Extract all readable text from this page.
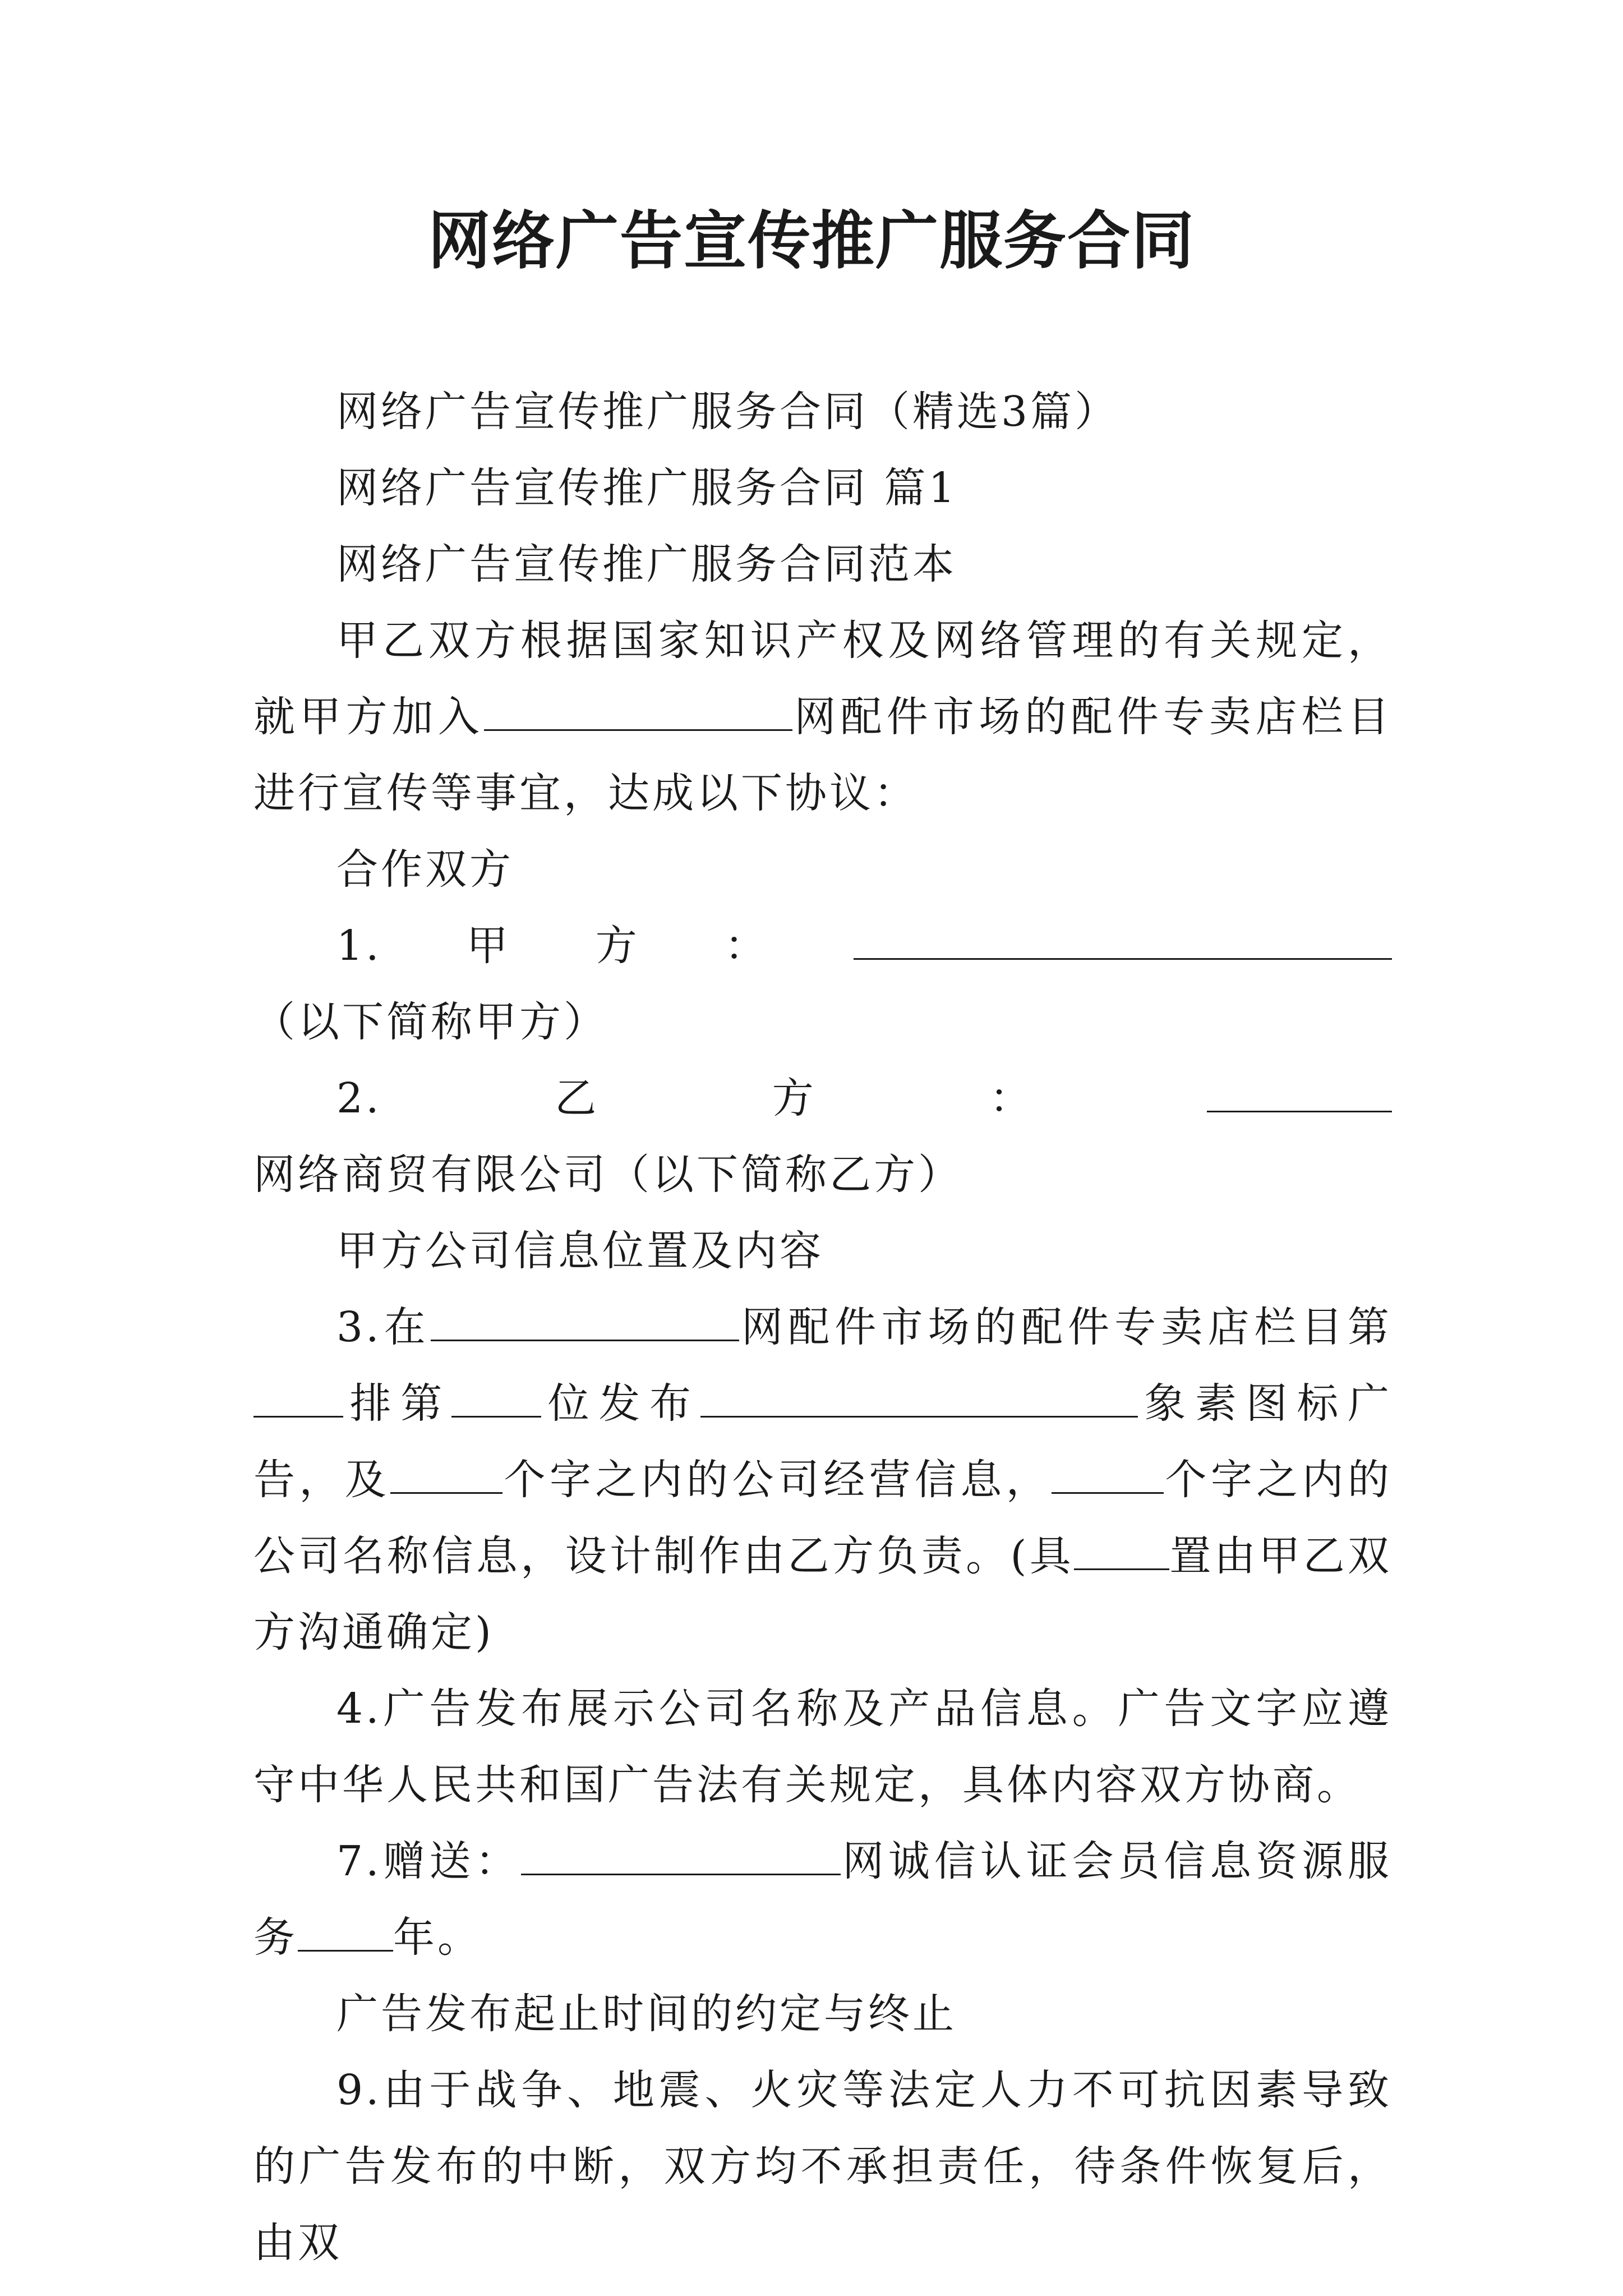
网络广告宣传推广服务合同

网络广告宣传推广服务合同（精选3篇）

网络广告宣传推广服务合同 篇1

网络广告宣传推广服务合同范本

甲乙双方根据国家知识产权及网络管理的有关规定，就甲方加入	网配件市场的配件专卖店栏目进行宣传等事宜，达成以下协议：

合作双方

1.甲方：（以下简称甲方）

2.乙方：网络商贸有限公司（以下简称乙方）

甲方公司信息位置及内容

3.在	网配件市场的配件专卖店栏目第排第 位发布	象素图标广告，及	个字之内的公司经营信息，	个字之内的公司名称信息，设计制作由乙方负责。(具 置由甲乙双方沟通确定)

4.广告发布展示公司名称及产品信息。广告文字应遵守中华人民共和国广告法有关规定，具体内容双方协商。

7.赠送：	网诚信认证会员信息资源服务 年。

广告发布起止时间的约定与终止

9.由于战争、地震、火灾等法定人力不可抗因素导致的广告发布的中断，双方均不承担责任，待条件恢复后，由双
